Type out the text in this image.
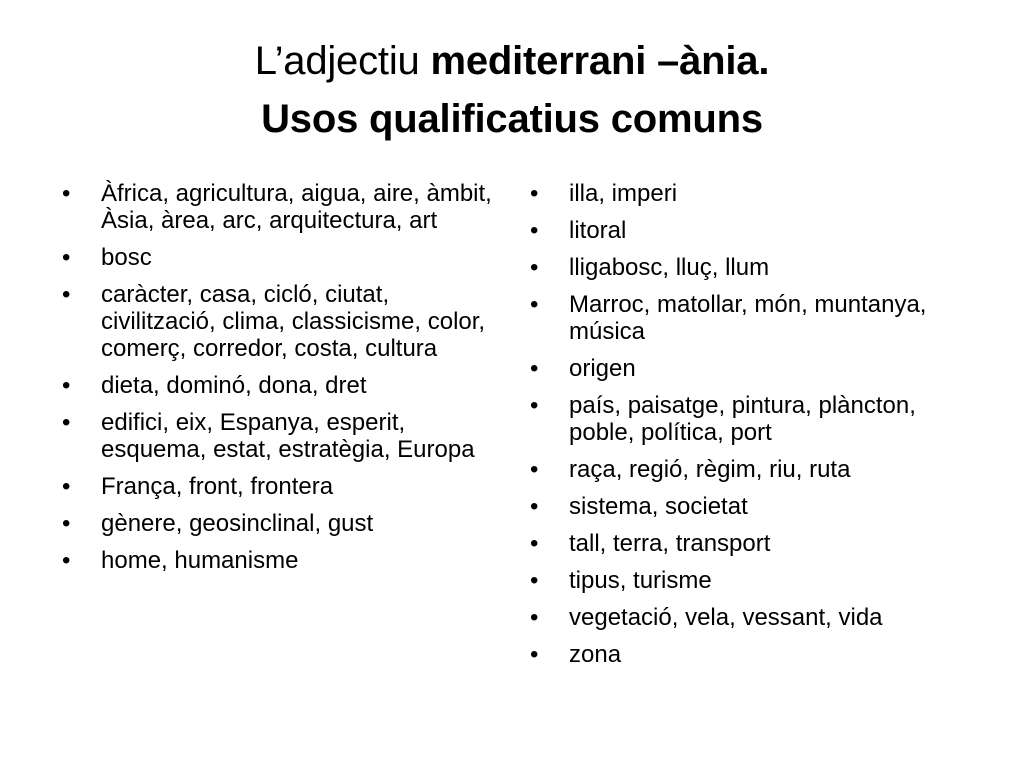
L’adjectiu mediterrani –ània.
Usos qualificatius comuns
•
Àfrica, agricultura, aigua, aire, àmbit, Àsia, àrea, arc, arquitectura, art
•
bosc
•
caràcter, casa, cicló, ciutat, civilització, clima, classicisme, color, comerç, corredor, costa, cultura
•
dieta, dominó, dona, dret
•
edifici, eix, Espanya, esperit, esquema, estat, estratègia, Europa
•
França, front, frontera
•
gènere, geosinclinal, gust
•
home, humanisme
•
illa, imperi
•
litoral
•
lligabosc, lluç, llum
•
Marroc, matollar, món, muntanya, música
•
origen
•
país, paisatge, pintura, plàncton, poble, política, port
•
raça, regió, règim, riu, ruta
•
sistema, societat
•
tall, terra, transport
•
tipus, turisme
•
vegetació, vela, vessant, vida
•
zona
